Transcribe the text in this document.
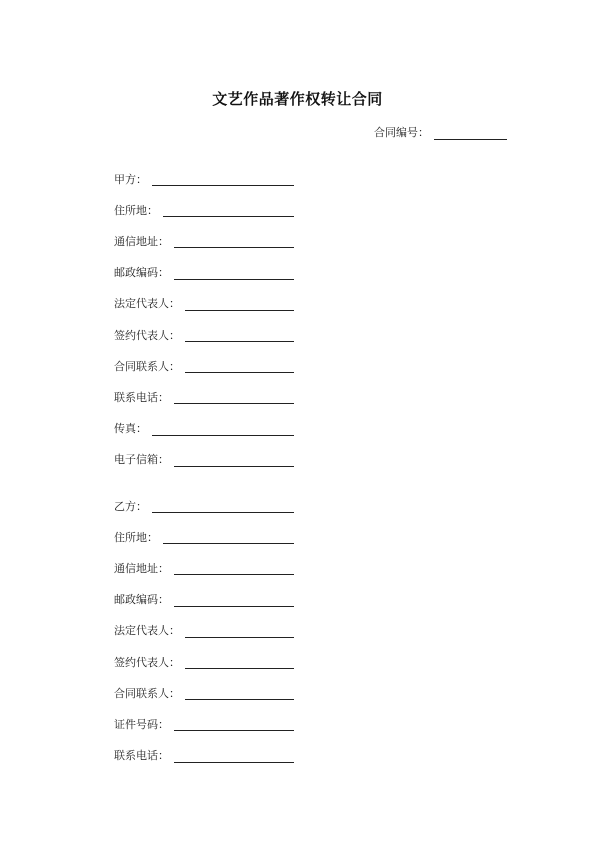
文艺作品著作权转让合同
合同编号：
甲方：
住所地：
通信地址：
邮政编码：
法定代表人：
签约代表人：
合同联系人：
联系电话：
传真：
电子信箱：
乙方：
住所地：
通信地址：
邮政编码：
法定代表人：
签约代表人：
合同联系人：
证件号码：
联系电话：
